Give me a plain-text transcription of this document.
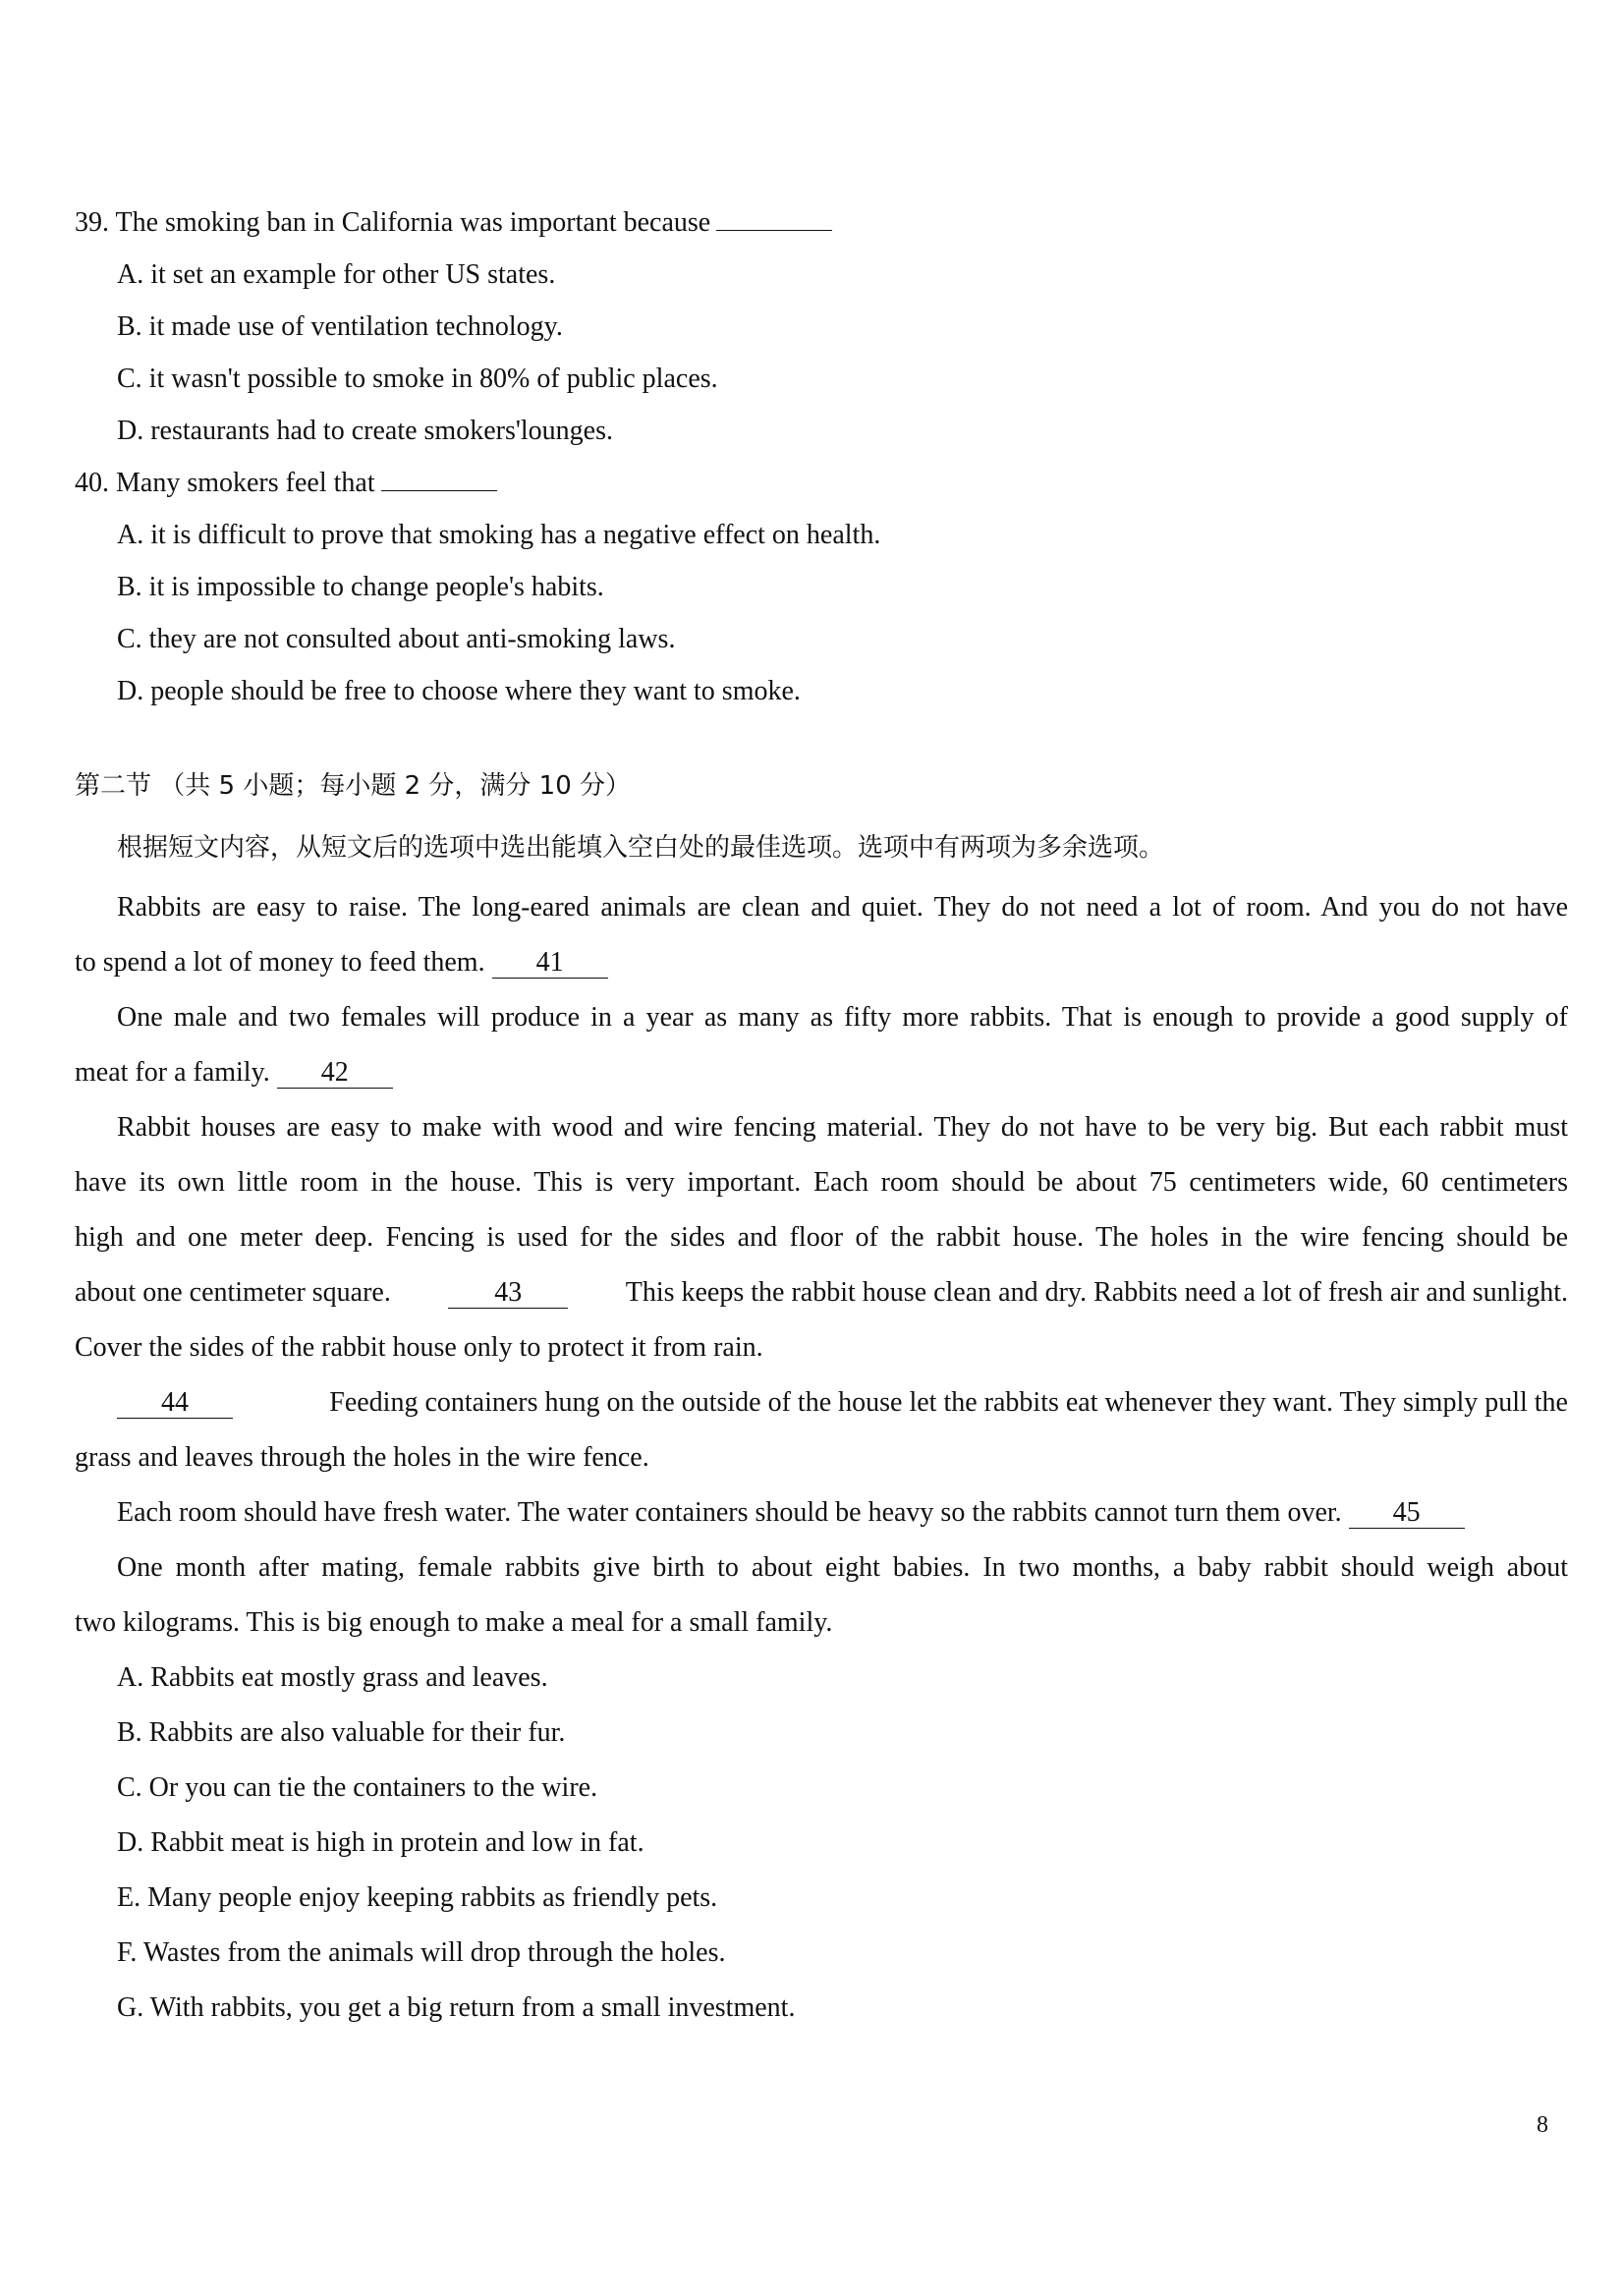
39. The smoking ban in California was important because
A. it set an example for other US states.
B. it made use of ventilation technology.
C. it wasn't possible to smoke in 80% of public places.
D. restaurants had to create smokers'lounges.
40. Many smokers feel that
A. it is difficult to prove that smoking has a negative effect on health.
B. it is impossible to change people's habits.
C. they are not consulted about anti-smoking laws.
D. people should be free to choose where they want to smoke.
第二节 （共 5 小题；每小题 2 分，满分 10 分）
根据短文内容，从短文后的选项中选出能填入空白处的最佳选项。选项中有两项为多余选项。
Rabbits are easy to raise. The long-eared animals are clean and quiet. They do not need a lot of room. And you do not have
to spend a lot of money to feed them. 41
One male and two females will produce in a year as many as fifty more rabbits. That is enough to provide a good supply of
meat for a family. 42
Rabbit houses are easy to make with wood and wire fencing material. They do not have to be very big. But each rabbit must
have its own little room in the house. This is very important. Each room should be about 75 centimeters wide, 60 centimeters
high and one meter deep. Fencing is used for the sides and floor of the rabbit house. The holes in the wire fencing should be
about one centimeter square.	43	This keeps the rabbit house clean and dry. Rabbits need a lot of fresh air and sunlight.
Cover the sides of the rabbit house only to protect it from rain.
44	Feeding containers hung on the outside of the house let the rabbits eat whenever they want. They simply pull the
grass and leaves through the holes in the wire fence.
Each room should have fresh water. The water containers should be heavy so the rabbits cannot turn them over. 45
One month after mating, female rabbits give birth to about eight babies. In two months, a baby rabbit should weigh about
two kilograms. This is big enough to make a meal for a small family.
A. Rabbits eat mostly grass and leaves.
B. Rabbits are also valuable for their fur.
C. Or you can tie the containers to the wire.
D. Rabbit meat is high in protein and low in fat.
E. Many people enjoy keeping rabbits as friendly pets.
F. Wastes from the animals will drop through the holes.
G. With rabbits, you get a big return from a small investment.
8
